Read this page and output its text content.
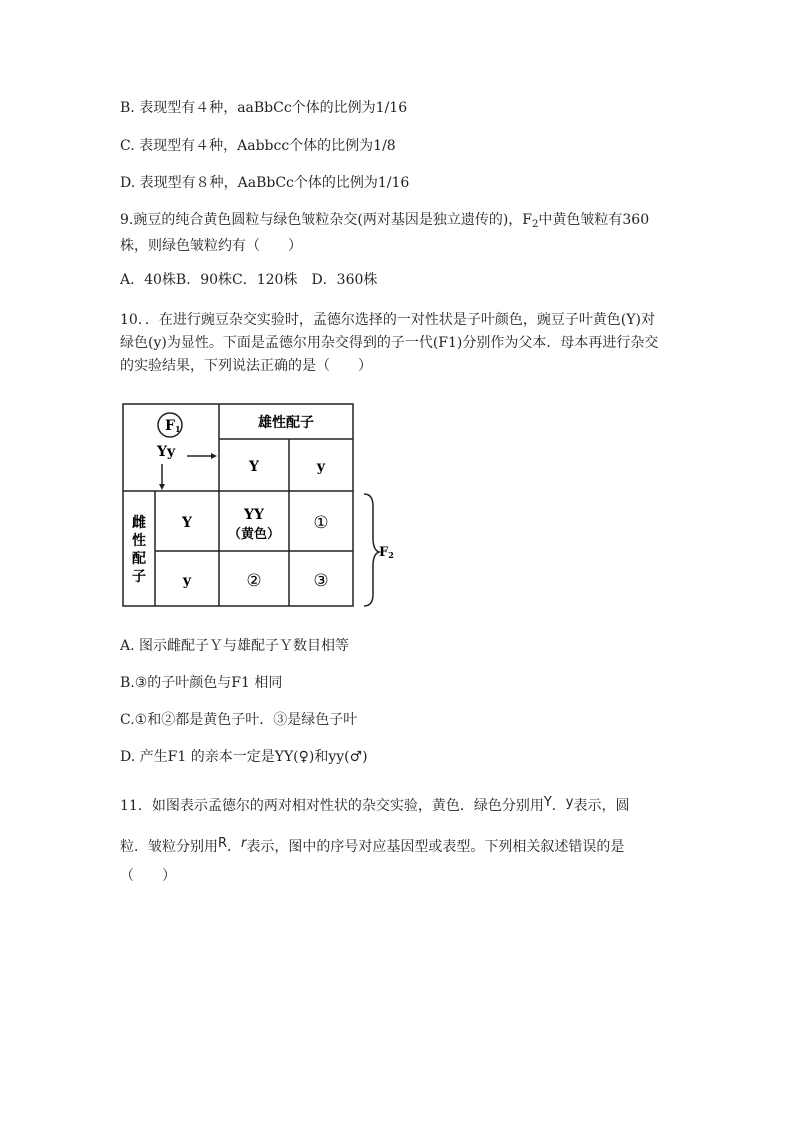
B. 表现型有４种，aaBbCc个体的比例为1/16
C. 表现型有４种，Aabbcc个体的比例为1/8
D. 表现型有８种，AaBbCc个体的比例为1/16
9.豌豆的纯合黄色圆粒与绿色皱粒杂交(两对基因是独立遗传的)，$F_2$中黄色皱粒有360
株，则绿色皱粒约有（　　）
A．40株B．90株C．120株　D．360株
10．．在进行豌豆杂交实验时，孟德尔选择的一对性状是子叶颜色，豌豆子叶黄色(Y)对
绿色(y)为显性。下面是孟德尔用杂交得到的子一代(F1)分别作为父本．母本再进行杂交
的实验结果，下列说法正确的是（　　）
F1
Yy
雄性配子
Y	y
雌
性
配
子
Y
y
YY
（黄色）
①
②	③
F2
A. 图示雌配子Ｙ与雄配子Ｙ数目相等
B.③的子叶颜色与F1 相同
C.①和②都是黄色子叶．③是绿色子叶
D. 产生F1 的亲本一定是YY(♀)和yy(♂)
11．如图表示孟德尔的两对相对性状的杂交实验，黄色．绿色分别用Y．y表示，圆
粒．皱粒分别用R．r表示，图中的序号对应基因型或表型。下列相关叙述错误的是
（　　）
